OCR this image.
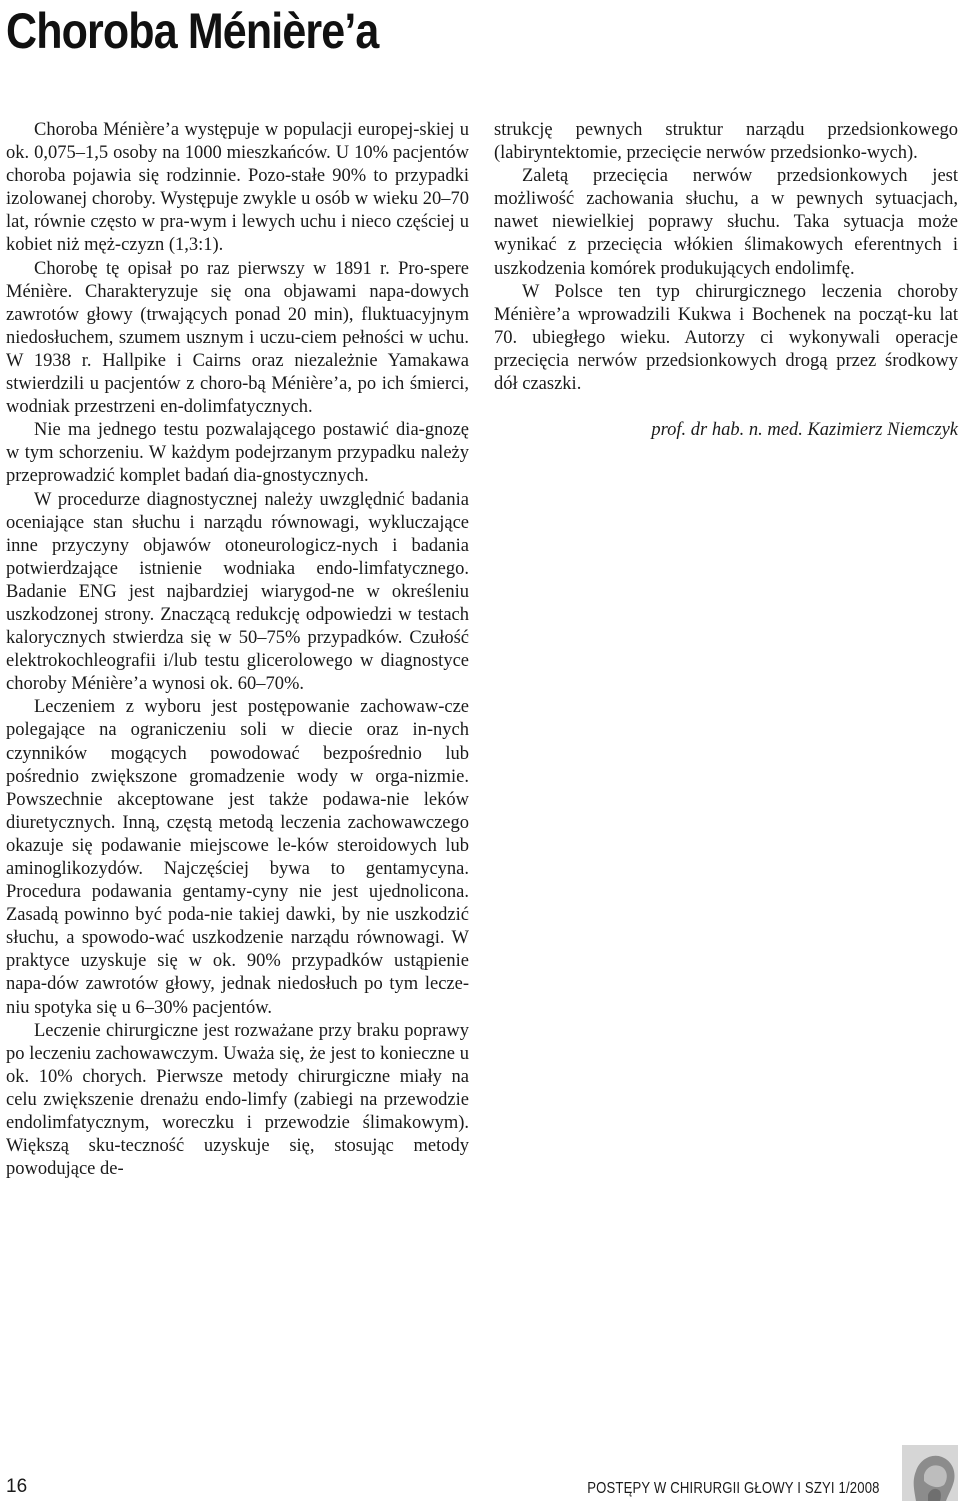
Choroba Ménière’a

Choroba Ménière’a występuje w populacji europej-skiej u ok. 0,075–1,5 osoby na 1000 mieszkańców. U 10% pacjentów choroba pojawia się rodzinnie. Pozo-stałe 90% to przypadki izolowanej choroby. Występuje zwykle u osób w wieku 20–70 lat, równie często w pra-wym i lewych uchu i nieco częściej u kobiet niż męż-czyzn (1,3:1).

Chorobę tę opisał po raz pierwszy w 1891 r. Pro-spere Ménière. Charakteryzuje się ona objawami napa-dowych zawrotów głowy (trwających ponad 20 min), fluktuacyjnym niedosłuchem, szumem usznym i uczu-ciem pełności w uchu. W 1938 r. Hallpike i Cairns oraz niezależnie Yamakawa stwierdzili u pacjentów z choro-bą Ménière’a, po ich śmierci, wodniak przestrzeni en-dolimfatycznych.

Nie ma jednego testu pozwalającego postawić dia-gnozę w tym schorzeniu. W każdym podejrzanym przypadku należy przeprowadzić komplet badań dia-gnostycznych.

W procedurze diagnostycznej należy uwzględnić badania oceniające stan słuchu i narządu równowagi, wykluczające inne przyczyny objawów otoneurologicz-nych i badania potwierdzające istnienie wodniaka endo-limfatycznego. Badanie ENG jest najbardziej wiarygod-ne w określeniu uszkodzonej strony. Znaczącą redukcję odpowiedzi w testach kalorycznych stwierdza się w 50–75% przypadków. Czułość elektrokochleografii i/lub testu glicerolowego w diagnostyce choroby Ménière’a wynosi ok. 60–70%.

Leczeniem z wyboru jest postępowanie zachowaw-cze polegające na ograniczeniu soli w diecie oraz in-nych czynników mogących powodować bezpośrednio lub pośrednio zwiększone gromadzenie wody w orga-nizmie. Powszechnie akceptowane jest także podawa-nie leków diuretycznych. Inną, częstą metodą leczenia zachowawczego okazuje się podawanie miejscowe le-ków steroidowych lub aminoglikozydów. Najczęściej bywa to gentamycyna. Procedura podawania gentamy-cyny nie jest ujednolicona. Zasadą powinno być poda-nie takiej dawki, by nie uszkodzić słuchu, a spowodo-wać uszkodzenie narządu równowagi. W praktyce uzyskuje się w ok. 90% przypadków ustąpienie napa-dów zawrotów głowy, jednak niedosłuch po tym lecze-niu spotyka się u 6–30% pacjentów.

Leczenie chirurgiczne jest rozważane przy braku poprawy po leczeniu zachowawczym. Uważa się, że jest to konieczne u ok. 10% chorych. Pierwsze metody chirurgiczne miały na celu zwiększenie drenażu endo-limfy (zabiegi na przewodzie endolimfatycznym, woreczku i przewodzie ślimakowym). Większą sku-teczność uzyskuje się, stosując metody powodujące de-

strukcję pewnych struktur narządu przedsionkowego (labiryntektomie, przecięcie nerwów przedsionko-wych).

Zaletą przecięcia nerwów przedsionkowych jest możliwość zachowania słuchu, a w pewnych sytuacjach, nawet niewielkiej poprawy słuchu. Taka sytuacja może wynikać z przecięcia włókien ślimakowych eferentnych i uszkodzenia komórek produkujących endolimfę.

W Polsce ten typ chirurgicznego leczenia choroby Ménière’a wprowadzili Kukwa i Bochenek na począt-ku lat 70. ubiegłego wieku. Autorzy ci wykonywali operacje przecięcia nerwów przedsionkowych drogą przez środkowy dół czaszki.

prof. dr hab. n. med. Kazimierz Niemczyk

16	POSTĘPY W CHIRURGII GŁOWY I SZYI 1/2008
